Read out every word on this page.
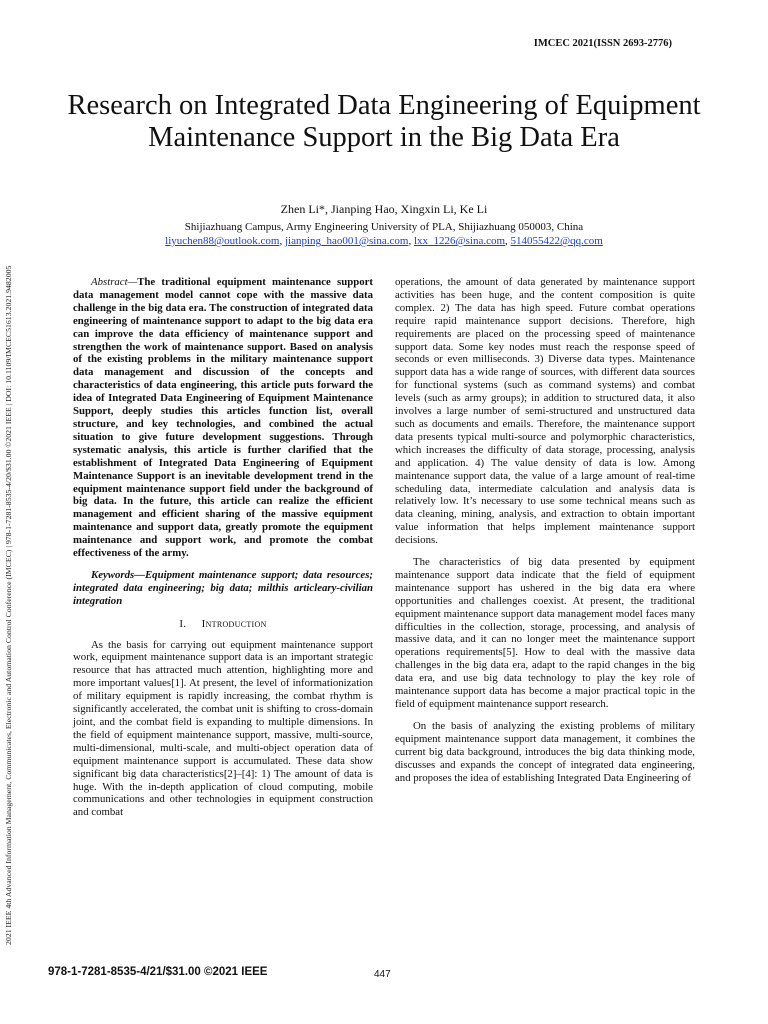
IMCEC 2021(ISSN 2693-2776)
2021 IEEE 4th Advanced Information Management, Communicates, Electronic and Automation Control Conference (IMCEC) | 978-1-7281-8535-4/20/$31.00 ©2021 IEEE | DOI: 10.1109/IMCEC51613.2021.9482005
Research on Integrated Data Engineering of Equipment Maintenance Support in the Big Data Era
Zhen Li*, Jianping Hao, Xingxin Li, Ke Li
Shijiazhuang Campus, Army Engineering University of PLA, Shijiazhuang 050003, China
liyuchen88@outlook.com, jianping_hao001@sina.com, lxx_1226@sina.com, 514055422@qq.com

Abstract—The traditional equipment maintenance support data management model cannot cope with the massive data challenge in the big data era. The construction of integrated data engineering of maintenance support to adapt to the big data era can improve the data efficiency of maintenance support and strengthen the work of maintenance support. Based on analysis of the existing problems in the military maintenance support data management and discussion of the concepts and characteristics of data engineering, this article puts forward the idea of Integrated Data Engineering of Equipment Maintenance Support, deeply studies this articles function list, overall structure, and key technologies, and combined the actual situation to give future development suggestions. Through systematic analysis, this article is further clarified that the establishment of Integrated Data Engineering of Equipment Maintenance Support is an inevitable development trend in the equipment maintenance support field under the background of big data. In the future, this article can realize the efficient management and efficient sharing of the massive equipment maintenance and support data, greatly promote the equipment maintenance and support work, and promote the combat effectiveness of the army.

Keywords—Equipment maintenance support; data resources; integrated data engineering; big data; milthis articleary-civilian integration

I. Introduction

As the basis for carrying out equipment maintenance support work, equipment maintenance support data is an important strategic resource that has attracted much attention, highlighting more and more important values[1]. At present, the level of informationization of military equipment is rapidly increasing, the combat rhythm is significantly accelerated, the combat unit is shifting to cross-domain joint, and the combat field is expanding to multiple dimensions. In the field of equipment maintenance support, massive, multi-source, multi-dimensional, multi-scale, and multi-object operation data of equipment maintenance support is accumulated. These data show significant big data characteristics[2]–[4]: 1) The amount of data is huge. With the in-depth application of cloud computing, mobile communications and other technologies in equipment construction and combat

operations, the amount of data generated by maintenance support activities has been huge, and the content composition is quite complex. 2) The data has high speed. Future combat operations require rapid maintenance support decisions. Therefore, high requirements are placed on the processing speed of maintenance support data. Some key nodes must reach the response speed of seconds or even milliseconds. 3) Diverse data types. Maintenance support data has a wide range of sources, with different data sources for functional systems (such as command systems) and combat levels (such as army groups); in addition to structured data, it also involves a large number of semi-structured and unstructured data such as documents and emails. Therefore, the maintenance support data presents typical multi-source and polymorphic characteristics, which increases the difficulty of data storage, processing, analysis and application. 4) The value density of data is low. Among maintenance support data, the value of a large amount of real-time scheduling data, intermediate calculation and analysis data is relatively low. It’s necessary to use some technical means such as data cleaning, mining, analysis, and extraction to obtain important value information that helps implement maintenance support decisions.

The characteristics of big data presented by equipment maintenance support data indicate that the field of equipment maintenance support has ushered in the big data era where opportunities and challenges coexist. At present, the traditional equipment maintenance support data management model faces many difficulties in the collection, storage, processing, and analysis of massive data, and it can no longer meet the maintenance support operations requirements[5]. How to deal with the massive data challenges in the big data era, adapt to the rapid changes in the big data era, and use big data technology to play the key role of maintenance support data has become a major practical topic in the field of equipment maintenance support research.

On the basis of analyzing the existing problems of military equipment maintenance support data management, it combines the current big data background, introduces the big data thinking mode, discusses and expands the concept of integrated data engineering, and proposes the idea of establishing Integrated Data Engineering of

978-1-7281-8535-4/21/$31.00 ©2021 IEEE	447
